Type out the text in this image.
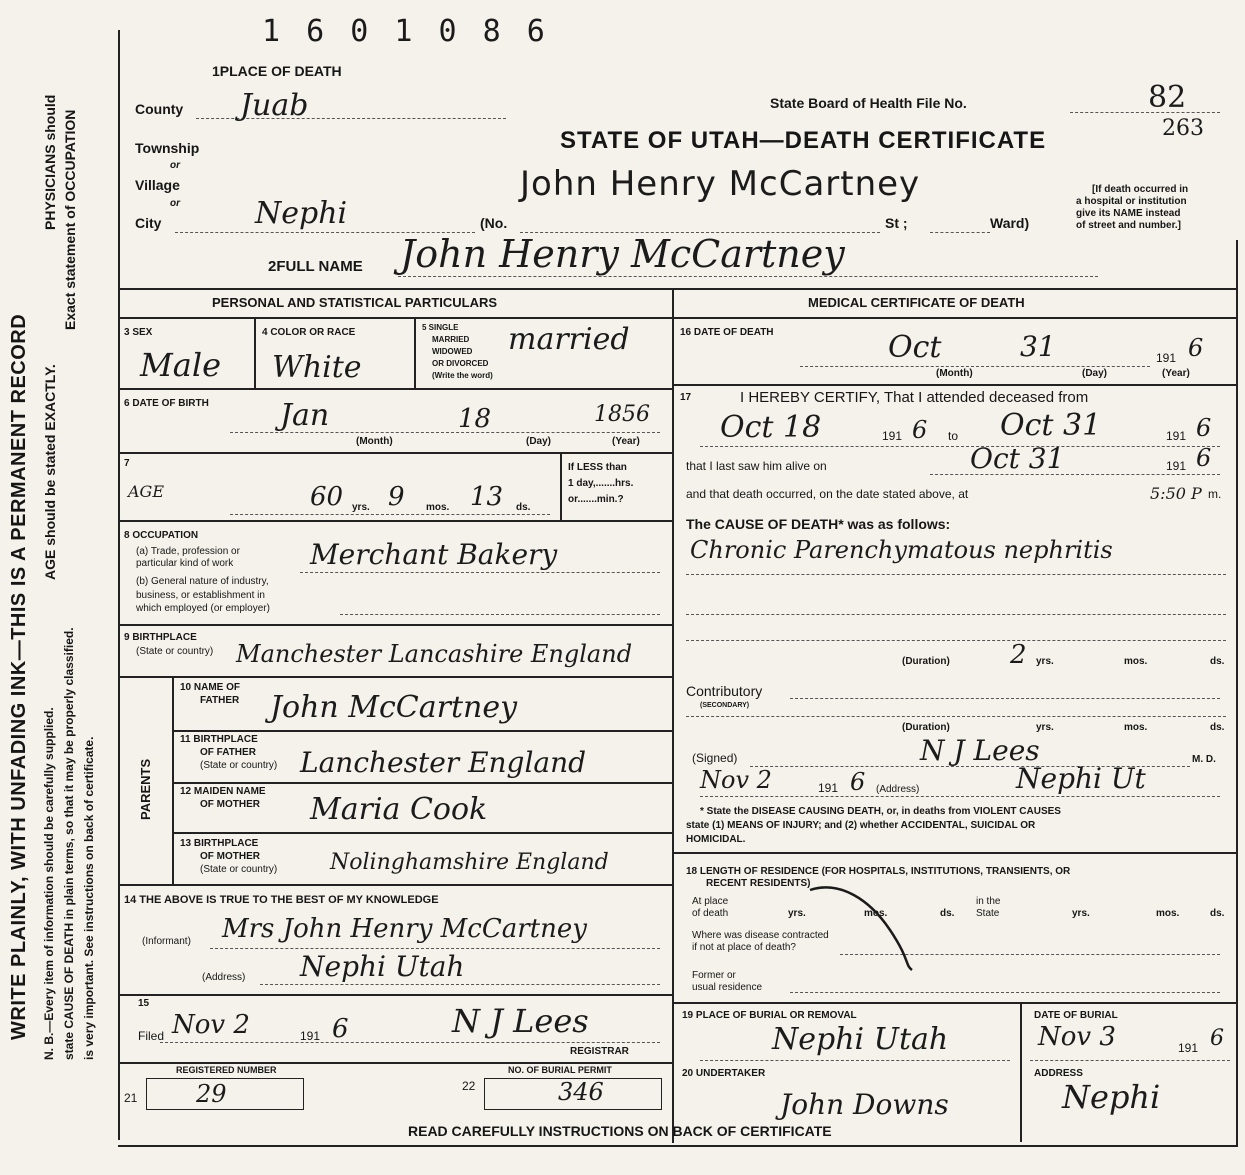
WRITE PLAINLY, WITH UNFADING INK—THIS IS A PERMANENT RECORD N. B.—Every item of information should be carefully supplied. state CAUSE OF DEATH in plain terms, so that it may be properly classified. is very important. See instructions on back of certificate.
AGE should be stated EXACTLY.
PHYSICIANS should Exact statement of OCCUPATION
1 6 0 1 0 8 6
1PLACE OF DEATH
County Juab
Township
or
Village
or
City	Nephi	(No.	St ;	Ward)
State Board of Health File No.	82
263
STATE OF UTAH—DEATH CERTIFICATE
John Henry McCartney	[If death occurred in
a hospital or institution
give its NAME instead
of street and number.]
2FULL NAME John Henry McCartney
PERSONAL AND STATISTICAL PARTICULARS	MEDICAL CERTIFICATE OF DEATH
3 SEX
Male
4 COLOR OR RACE
White
5 SINGLE
MARRIED
WIDOWED
OR DIVORCED
(Write the word)
married
6 DATE OF BIRTH Jan	18	1856
(Month)	(Day)	(Year)
7
AGE	60 yrs. 9 mos. 13 ds.
If LESS than
1 day,.......hrs.
or.......min.?
8 OCCUPATION
(a) Trade, profession or
particular kind of work	Merchant Bakery
(b) General nature of industry,
business, or establishment in
which employed (or employer)
9 BIRTHPLACE
(State or country) Manchester Lancashire England
PARENTS
10 NAME OF
FATHER John McCartney
11 BIRTHPLACE
OF FATHER
(State or country) Lanchester England
12 MAIDEN NAME
OF MOTHER Maria Cook
13 BIRTHPLACE
OF MOTHER
(State or country) Nolinghamshire England
14 THE ABOVE IS TRUE TO THE BEST OF MY KNOWLEDGE
(Informant) Mrs John Henry McCartney
(Address) Nephi Utah
15
Filed Nov 2	191 6	N J Lees
REGISTRAR
REGISTERED NUMBER
21 29
NO. OF BURIAL PERMIT
22	346
16 DATE OF DEATH	Oct	31	191 6
(Month)	(Day)	(Year)
17	I HEREBY CERTIFY, That I attended deceased from
Oct 18	191 6 to Oct 31	191 6
that I last saw him alive on	Oct 31	191 6
and that death occurred, on the date stated above, at	5:50 P m.
The CAUSE OF DEATH* was as follows:
Chronic Parenchymatous nephritis
(Duration) 2 yrs.	mos.	ds.
Contributory
(SECONDARY)
(Duration)	yrs.	mos.	ds.
(Signed)	N J Lees	M. D.
Nov 2	191 6 (Address)	Nephi Ut
* State the DISEASE CAUSING DEATH, or, in deaths from VIOLENT CAUSES
state (1) MEANS OF INJURY; and (2) whether ACCIDENTAL, SUICIDAL OR
HOMICIDAL.
18 LENGTH OF RESIDENCE (FOR HOSPITALS, INSTITUTIONS, TRANSIENTS, OR
RECENT RESIDENTS)
At place
of death	yrs.	mos.	ds.
in the
State	yrs.	mos.	ds.
Where was disease contracted
if not at place of death?
Former or
usual residence
19 PLACE OF BURIAL OR REMOVAL
Nephi Utah
DATE OF BURIAL
Nov 3	191 6
20 UNDERTAKER
John Downs
ADDRESS
Nephi
READ CAREFULLY INSTRUCTIONS ON BACK OF CERTIFICATE
